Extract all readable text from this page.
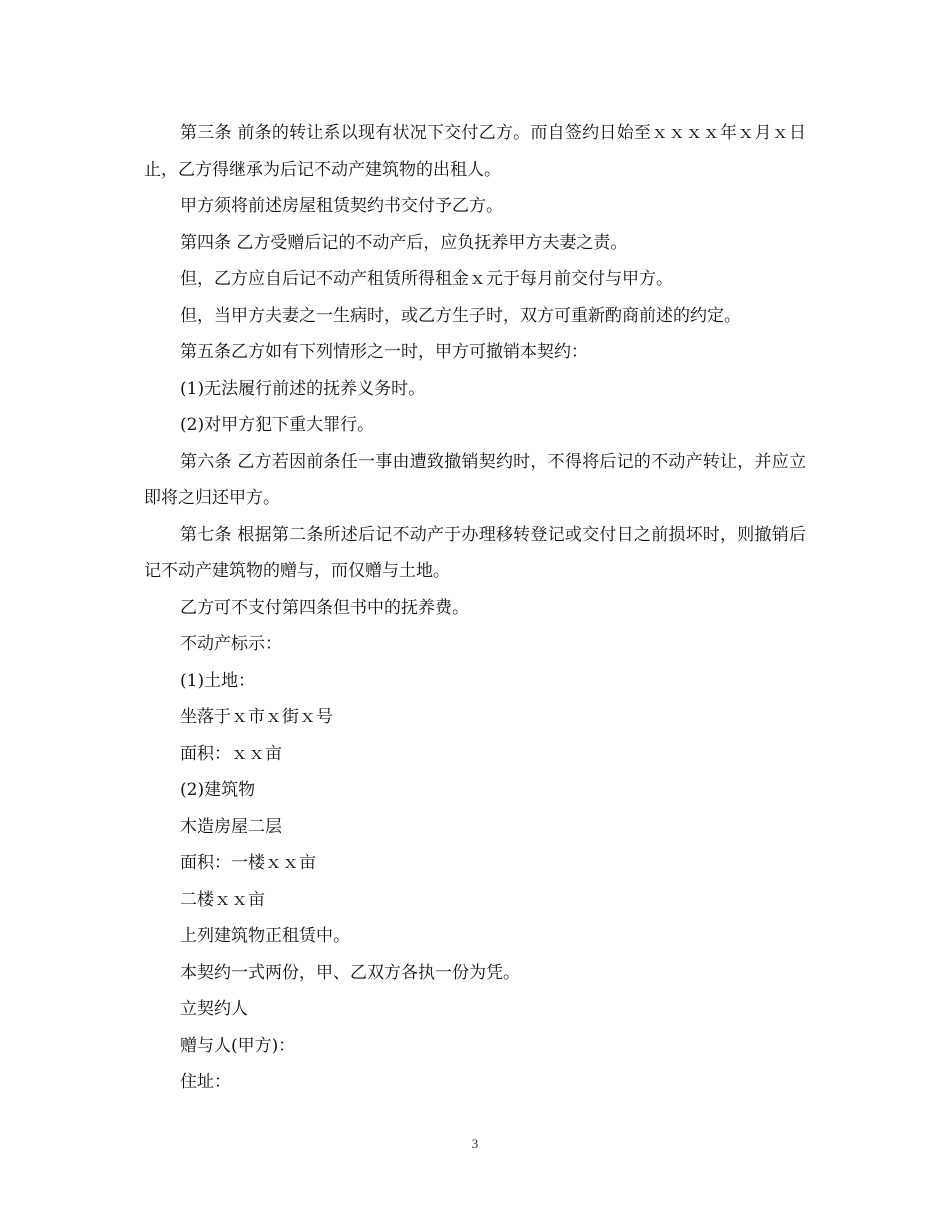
第三条 前条的转让系以现有状况下交付乙方。而自签约日始至ｘｘｘｘ年ｘ月ｘ日止，乙方得继承为后记不动产建筑物的出租人。

甲方须将前述房屋租赁契约书交付予乙方。

第四条 乙方受赠后记的不动产后，应负抚养甲方夫妻之责。

但，乙方应自后记不动产租赁所得租金ｘ元于每月前交付与甲方。

但，当甲方夫妻之一生病时，或乙方生子时，双方可重新酌商前述的约定。

第五条乙方如有下列情形之一时，甲方可撤销本契约：

(1)无法履行前述的抚养义务时。

(2)对甲方犯下重大罪行。

第六条 乙方若因前条任一事由遭致撤销契约时，不得将后记的不动产转让，并应立即将之归还甲方。

第七条 根据第二条所述后记不动产于办理移转登记或交付日之前损坏时，则撤销后记不动产建筑物的赠与，而仅赠与土地。

乙方可不支付第四条但书中的抚养费。

不动产标示：

(1)土地：

坐落于ｘ市ｘ街ｘ号

面积：ｘｘ亩

(2)建筑物

木造房屋二层

面积：一楼ｘｘ亩

二楼ｘｘ亩

上列建筑物正租赁中。

本契约一式两份，甲、乙双方各执一份为凭。

立契约人

赠与人(甲方)：

住址：

3
